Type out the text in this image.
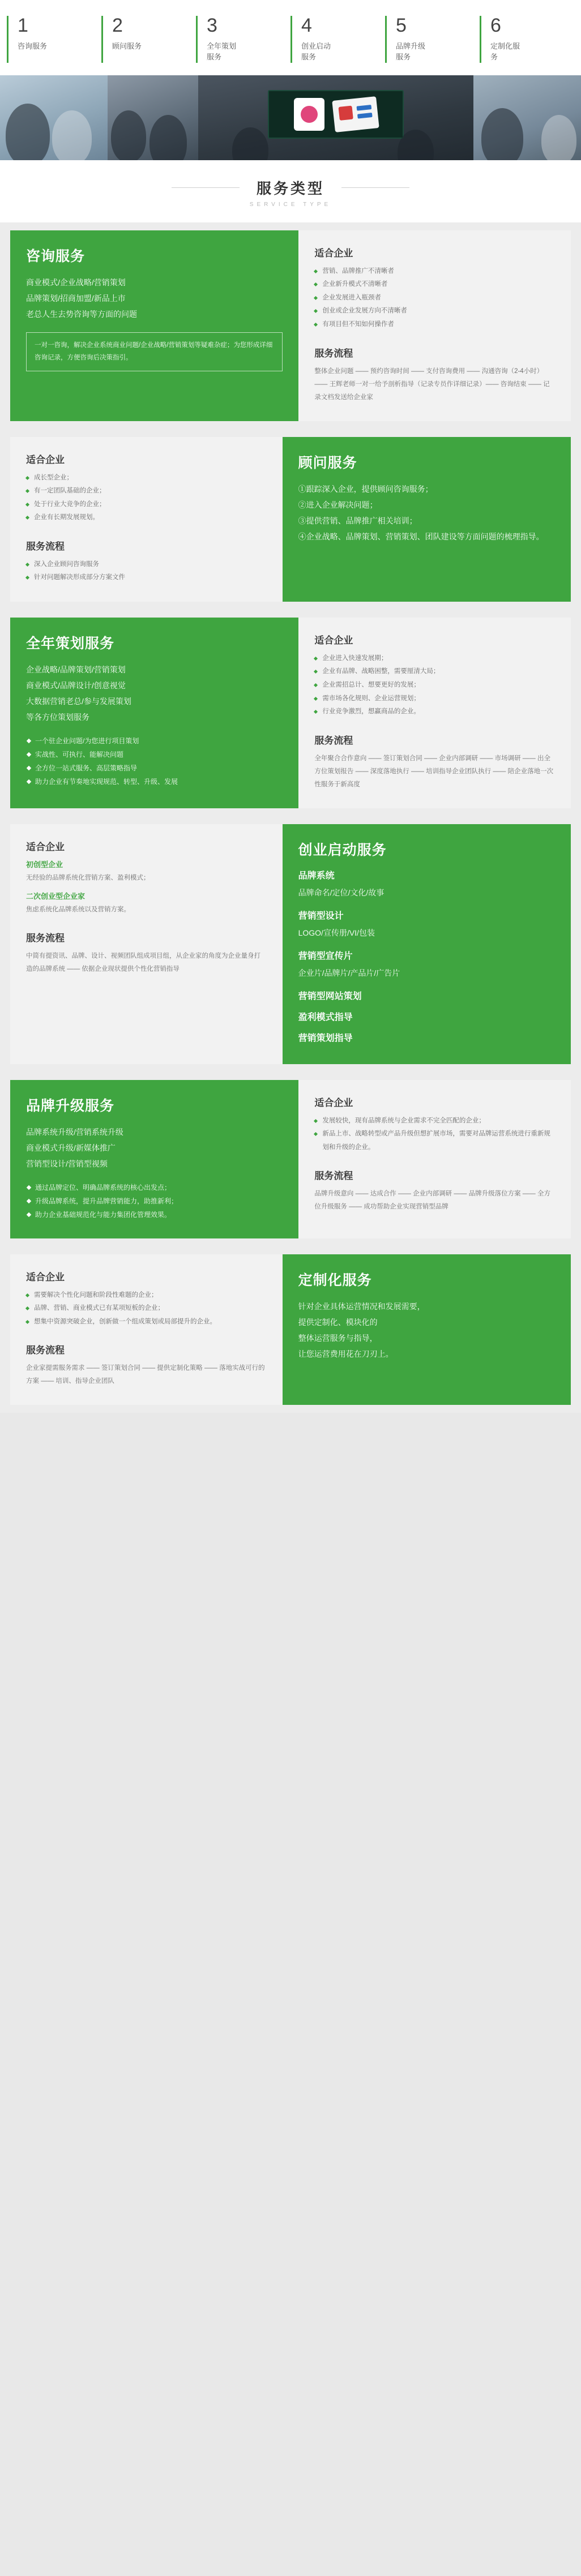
1
咨询服务
2
顾问服务
3
全年策划服务
4
创业启动服务
5
品牌升级服务
6
定制化服务
服务类型
SERVICE TYPE
咨询服务
商业模式/企业战略/营销策划
品牌策划/招商加盟/新品上市
老总人生去势咨询等方面的问题
一对一咨询，解决企业系统商业问题/企业战略/营销策划等疑难杂症；为您形成详细咨询记录，方便咨询后决策指引。
适合企业
营销、品牌推广不清晰者
企业新升模式不清晰者
企业发展进入瓶颈者
创业或企业发展方向不清晰者
有项目但不知如何操作者
服务流程
整体企业问题 —— 预约咨询时间 —— 支付咨询费用 —— 沟通咨询（2-4小时）—— 王辉老师一对一给予剖析指导（记录专员作详细记录）—— 咨询结束 —— 记录文档发送给企业家
顾问服务
①跟踪深入企业，提供顾问咨询服务；
②进入企业解决问题；
③提供营销、品牌推广相关培训；
④企业战略、品牌策划、营销策划、团队建设等方面问题的梳理指导。
适合企业
成长型企业；
有一定团队基础的企业；
处于行业大竞争的企业；
企业有长期发展规划。
服务流程
深入企业顾问咨询服务
针对问题解决形成部分方案文件
全年策划服务
企业战略/品牌策划/营销策划
商业模式/品牌设计/创意视觉
大数据营销老总/参与发展策划
等各方位策划服务
一个驻企业问题/为您进行项目策划
实战性、可执行、能解决问题
全方位一站式服务、高层策略指导
助力企业有节奏地实现规范、转型、升级、发展
适合企业
企业进入快速发展期；
企业有品牌、战略困整，需要厘清大局；
企业需招总计、想要更好的发展；
需市场各化规则、企业运营规划；
行业竞争激烈，想赢商品的企业。
服务流程
全年聚合合作意向 —— 签订策划合同 —— 企业内部调研 —— 市场调研 —— 出全方位策划报告 —— 深度落地执行 —— 培训指导企业团队执行 —— 陪企业落地一次性服务于新高度
创业启动服务
品牌系统
品牌命名/定位/文化/故事
营销型设计
LOGO/宣传册/VI/包装
营销型宣传片
企业片/品牌片/产品片/广告片
营销型网站策划
盈利模式指导
营销策划指导
适合企业
初创型企业
无经验的品牌系统化营销方案、盈利模式；
二次创业型企业家
焦虑系统化品牌系统以及营销方案。
服务流程
中简有提资讯、品牌、设计、视频团队组成项目组，从企业家的角度为企业量身打造的品牌系统 —— 依据企业现状提供个性化营销指导
品牌升级服务
品牌系统升级/营销系统升级
商业模式升级/新媒体推广
营销型设计/营销型视频
通过品牌定位、明确品牌系统的核心出发点；
升级品牌系统，提升品牌营销能力，助推新利；
助力企业基础规范化与能力集团化管理效果。
适合企业
发展较快，现有品牌系统与企业需求不完全匹配的企业；
新品上市、战略转型或产品升级但想扩展市场，需要对品牌运营系统进行重新规划和升级的企业。
服务流程
品牌升级意向 —— 达成合作 —— 企业内部调研 —— 品牌升级落位方案 —— 全方位升级服务 —— 成功帮助企业实现营销型品牌
定制化服务
针对企业具体运营情况和发展需要，
提供定制化、模块化的
整体运营服务与指导，
让您运营费用花在刀刃上。
适合企业
需要解决个性化问题和阶段性难题的企业；
品牌、营销、商业模式已有某项短板的企业；
想集中资源突破企业，创新做一个组成策划或局部提升的企业。
服务流程
企业家提需服务需求 —— 签订策划合同 —— 提供定制化策略 —— 落地实战可行的方案 —— 培训、指导企业团队
